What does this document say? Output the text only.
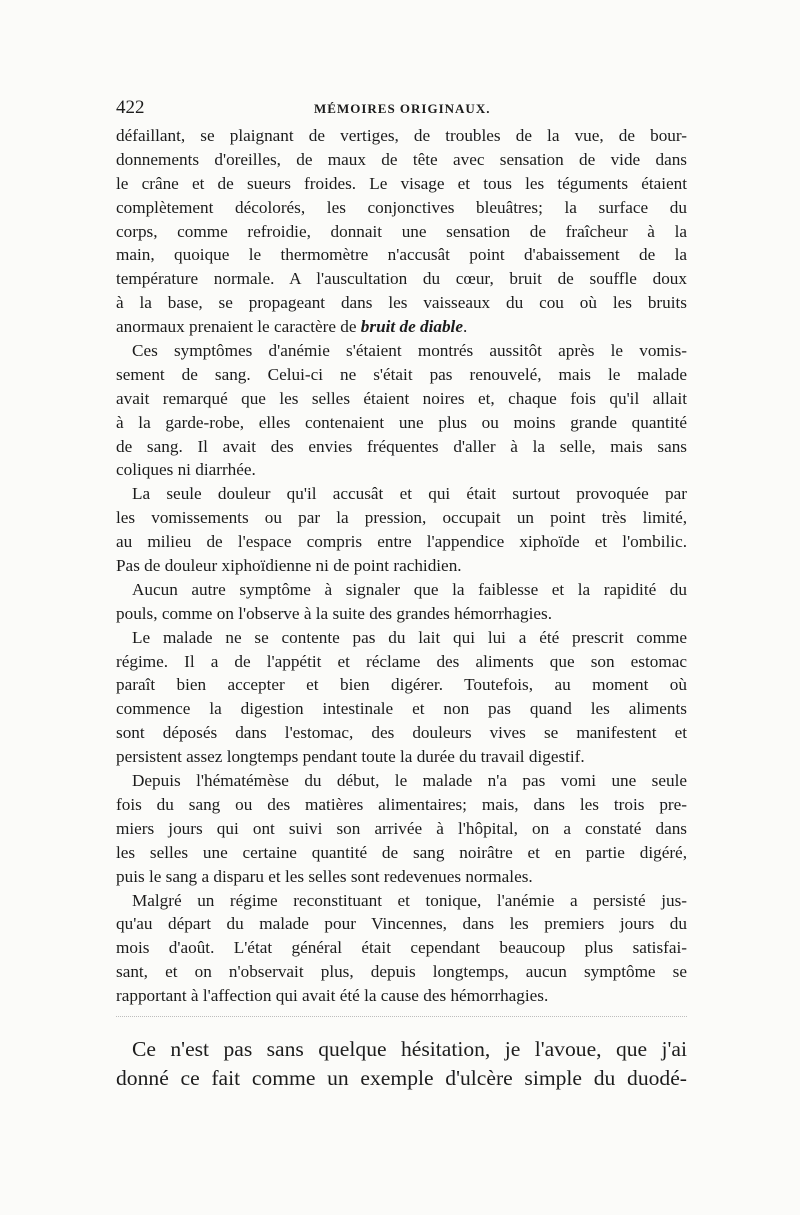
422	MÉMOIRES ORIGINAUX.
défaillant, se plaignant de vertiges, de troubles de la vue, de bour-
donnements d'oreilles, de maux de tête avec sensation de vide dans
le crâne et de sueurs froides. Le visage et tous les téguments étaient
complètement décolorés, les conjonctives bleuâtres; la surface du
corps, comme refroidie, donnait une sensation de fraîcheur à la
main, quoique le thermomètre n'accusât point d'abaissement de la
température normale. A l'auscultation du cœur, bruit de souffle doux
à la base, se propageant dans les vaisseaux du cou où les bruits
anormaux prenaient le caractère de bruit de diable.
Ces symptômes d'anémie s'étaient montrés aussitôt après le vomis-
sement de sang. Celui-ci ne s'était pas renouvelé, mais le malade
avait remarqué que les selles étaient noires et, chaque fois qu'il allait
à la garde-robe, elles contenaient une plus ou moins grande quantité
de sang. Il avait des envies fréquentes d'aller à la selle, mais sans
coliques ni diarrhée.
La seule douleur qu'il accusât et qui était surtout provoquée par
les vomissements ou par la pression, occupait un point très limité,
au milieu de l'espace compris entre l'appendice xiphoïde et l'ombilic.
Pas de douleur xiphoïdienne ni de point rachidien.
Aucun autre symptôme à signaler que la faiblesse et la rapidité du
pouls, comme on l'observe à la suite des grandes hémorrhagies.
Le malade ne se contente pas du lait qui lui a été prescrit comme
régime. Il a de l'appétit et réclame des aliments que son estomac
paraît bien accepter et bien digérer. Toutefois, au moment où
commence la digestion intestinale et non pas quand les aliments
sont déposés dans l'estomac, des douleurs vives se manifestent et
persistent assez longtemps pendant toute la durée du travail digestif.
Depuis l'hématémèse du début, le malade n'a pas vomi une seule
fois du sang ou des matières alimentaires; mais, dans les trois pre-
miers jours qui ont suivi son arrivée à l'hôpital, on a constaté dans
les selles une certaine quantité de sang noirâtre et en partie digéré,
puis le sang a disparu et les selles sont redevenues normales.
Malgré un régime reconstituant et tonique, l'anémie a persisté jus-
qu'au départ du malade pour Vincennes, dans les premiers jours du
mois d'août. L'état général était cependant beaucoup plus satisfai-
sant, et on n'observait plus, depuis longtemps, aucun symptôme se
rapportant à l'affection qui avait été la cause des hémorrhagies.
Ce n'est pas sans quelque hésitation, je l'avoue, que j'ai
donné ce fait comme un exemple d'ulcère simple du duodé-
